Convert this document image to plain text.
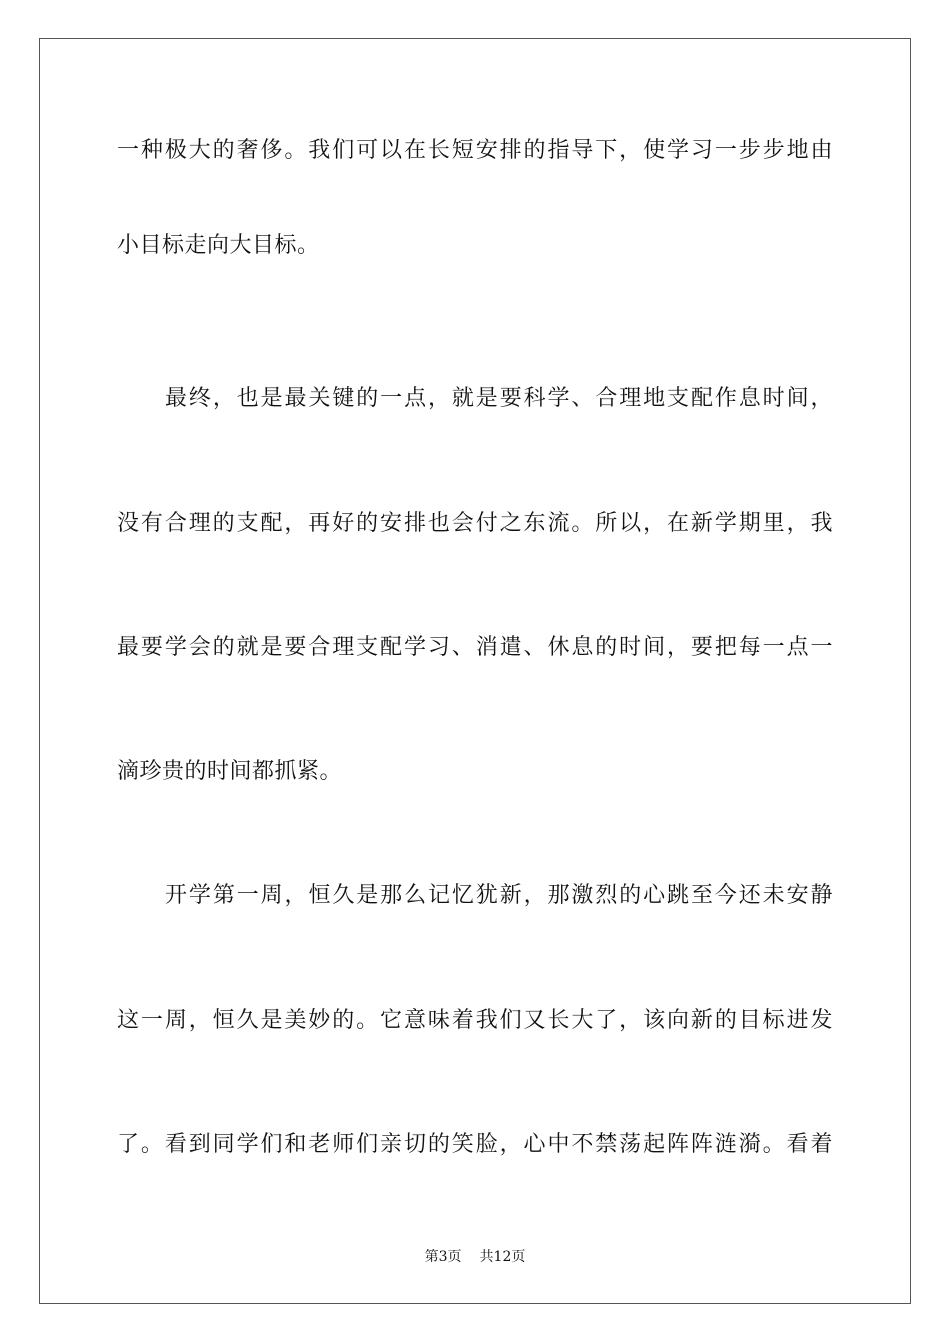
一种极大的奢侈。我们可以在长短安排的指导下，使学习一步步地由
小目标走向大目标。
最终，也是最关键的一点，就是要科学、合理地支配作息时间，
没有合理的支配，再好的安排也会付之东流。所以，在新学期里，我
最要学会的就是要合理支配学习、消遣、休息的时间，要把每一点一
滴珍贵的时间都抓紧。
开学第一周，恒久是那么记忆犹新，那激烈的心跳至今还未安静
这一周，恒久是美妙的。它意味着我们又长大了，该向新的目标进发
了。看到同学们和老师们亲切的笑脸，心中不禁荡起阵阵涟漪。看着
第3页 共12页
